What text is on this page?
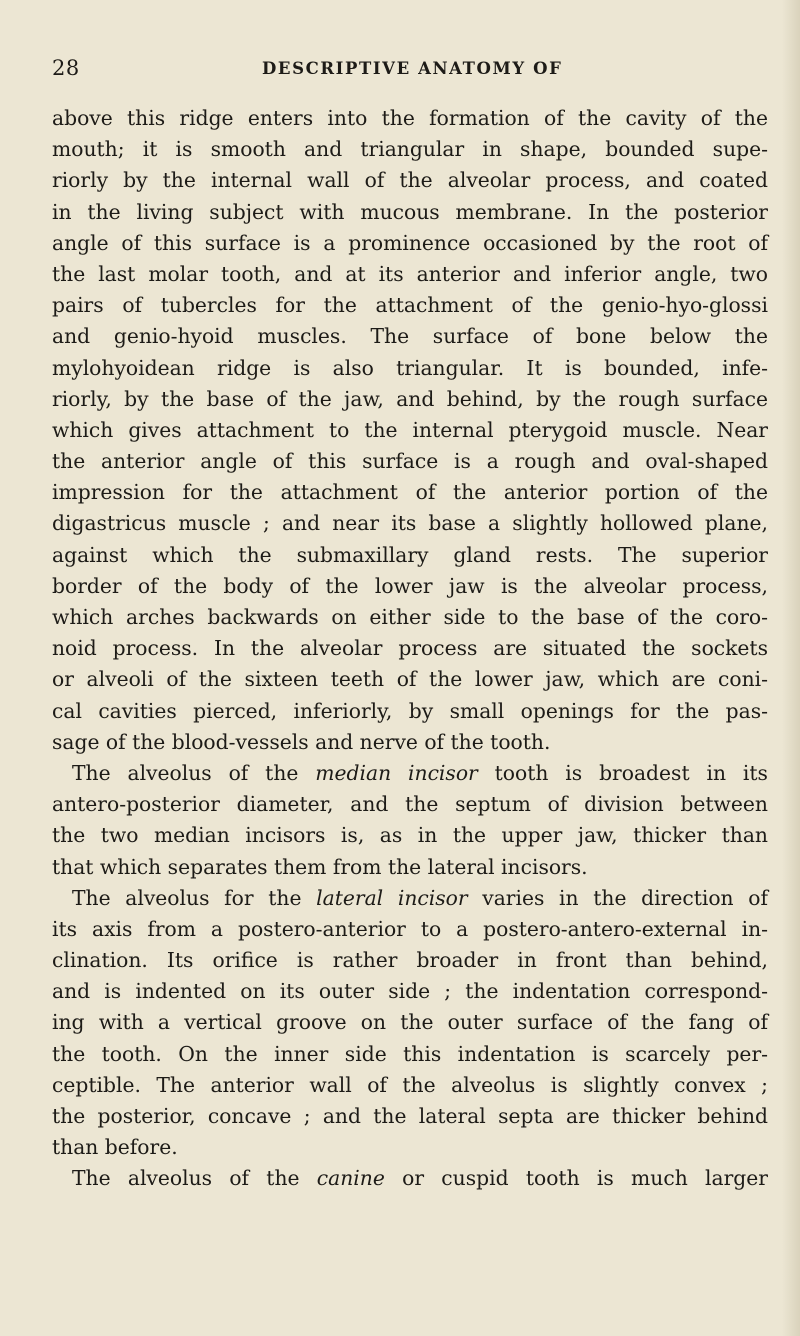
28	DESCRIPTIVE ANATOMY OF
above this ridge enters into the formation of the cavity of the
mouth; it is smooth and triangular in shape, bounded supe-
riorly by the internal wall of the alveolar process, and coated
in the living subject with mucous membrane. In the posterior
angle of this surface is a prominence occasioned by the root of
the last molar tooth, and at its anterior and inferior angle, two
pairs of tubercles for the attachment of the genio-hyo-glossi
and genio-hyoid muscles. The surface of bone below the
mylohyoidean ridge is also triangular. It is bounded, infe-
riorly, by the base of the jaw, and behind, by the rough surface
which gives attachment to the internal pterygoid muscle. Near
the anterior angle of this surface is a rough and oval-shaped
impression for the attachment of the anterior portion of the
digastricus muscle ; and near its base a slightly hollowed plane,
against which the submaxillary gland rests. The superior
border of the body of the lower jaw is the alveolar process,
which arches backwards on either side to the base of the coro-
noid process. In the alveolar process are situated the sockets
or alveoli of the sixteen teeth of the lower jaw, which are coni-
cal cavities pierced, inferiorly, by small openings for the pas-
sage of the blood-vessels and nerve of the tooth.
The alveolus of the median incisor tooth is broadest in its
antero-posterior diameter, and the septum of division between
the two median incisors is, as in the upper jaw, thicker than
that which separates them from the lateral incisors.
The alveolus for the lateral incisor varies in the direction of
its axis from a postero-anterior to a postero-antero-external in-
clination. Its orifice is rather broader in front than behind,
and is indented on its outer side ; the indentation correspond-
ing with a vertical groove on the outer surface of the fang of
the tooth. On the inner side this indentation is scarcely per-
ceptible. The anterior wall of the alveolus is slightly convex ;
the posterior, concave ; and the lateral septa are thicker behind
than before.
The alveolus of the canine or cuspid tooth is much larger
